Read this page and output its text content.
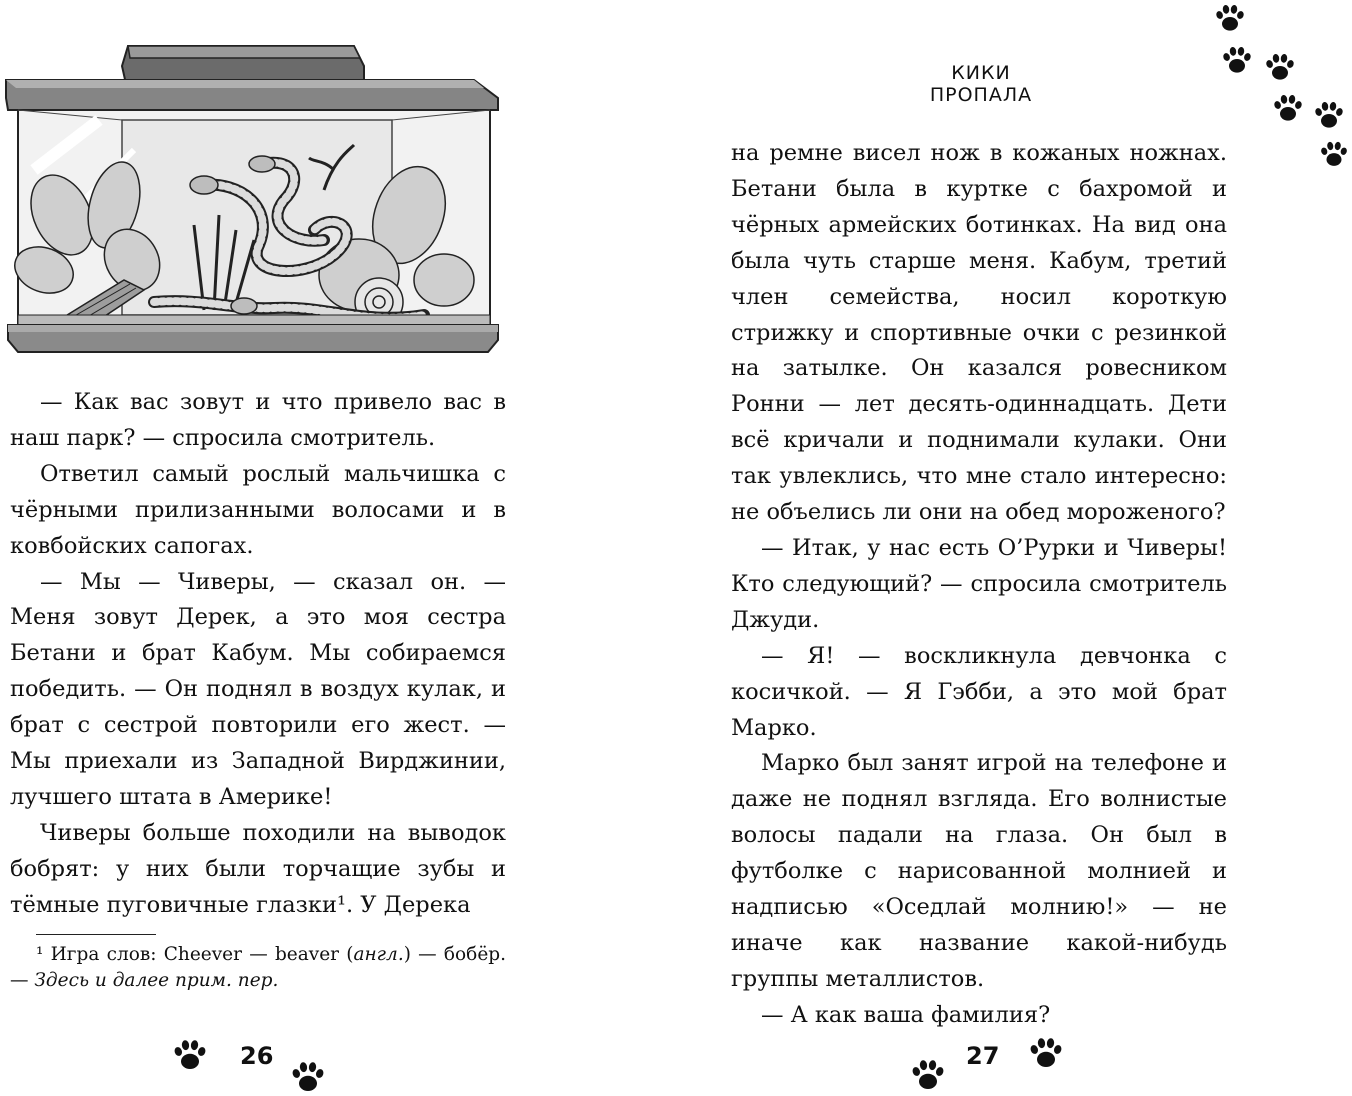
— Как вас зовут и что привело вас в наш парк? — спросила смотритель.

Ответил самый рослый мальчишка с чёрными прилизанными волосами и в ковбойских сапогах.

— Мы — Чиверы, — сказал он. — Меня зовут Дерек, а это моя сестра Бетани и брат Кабум. Мы собираемся победить. — Он поднял в воздух кулак, и брат с сестрой повторили его жест. — Мы приехали из Западной Вирджинии, лучшего штата в Америке!

Чиверы больше походили на выводок бобрят: у них были торчащие зубы и тёмные пуговичные глазки¹. У Дерека

¹ Игра слов: Cheever — beaver (англ.) — бобёр. — Здесь и далее прим. пер.

26
КИКИ ПРОПАЛА

на ремне висел нож в кожаных ножнах. Бетани была в куртке с бахромой и чёрных армейских ботинках. На вид она была чуть старше меня. Кабум, третий член семейства, носил короткую стрижку и спортивные очки с резинкой на затылке. Он казался ровесником Ронни — лет десять-одиннадцать. Дети всё кричали и поднимали кулаки. Они так увлеклись, что мне стало интересно: не объелись ли они на обед мороженого?

— Итак, у нас есть О’Рурки и Чиверы! Кто следующий? — спросила смотритель Джуди.

— Я! — воскликнула девчонка с косичкой. — Я Гэбби, а это мой брат Марко.

Марко был занят игрой на телефоне и даже не поднял взгляда. Его волнистые волосы падали на глаза. Он был в футболке с нарисованной молнией и надписью «Оседлай молнию!» — не иначе как название какой-нибудь группы металлистов.

— А как ваша фамилия?

27
